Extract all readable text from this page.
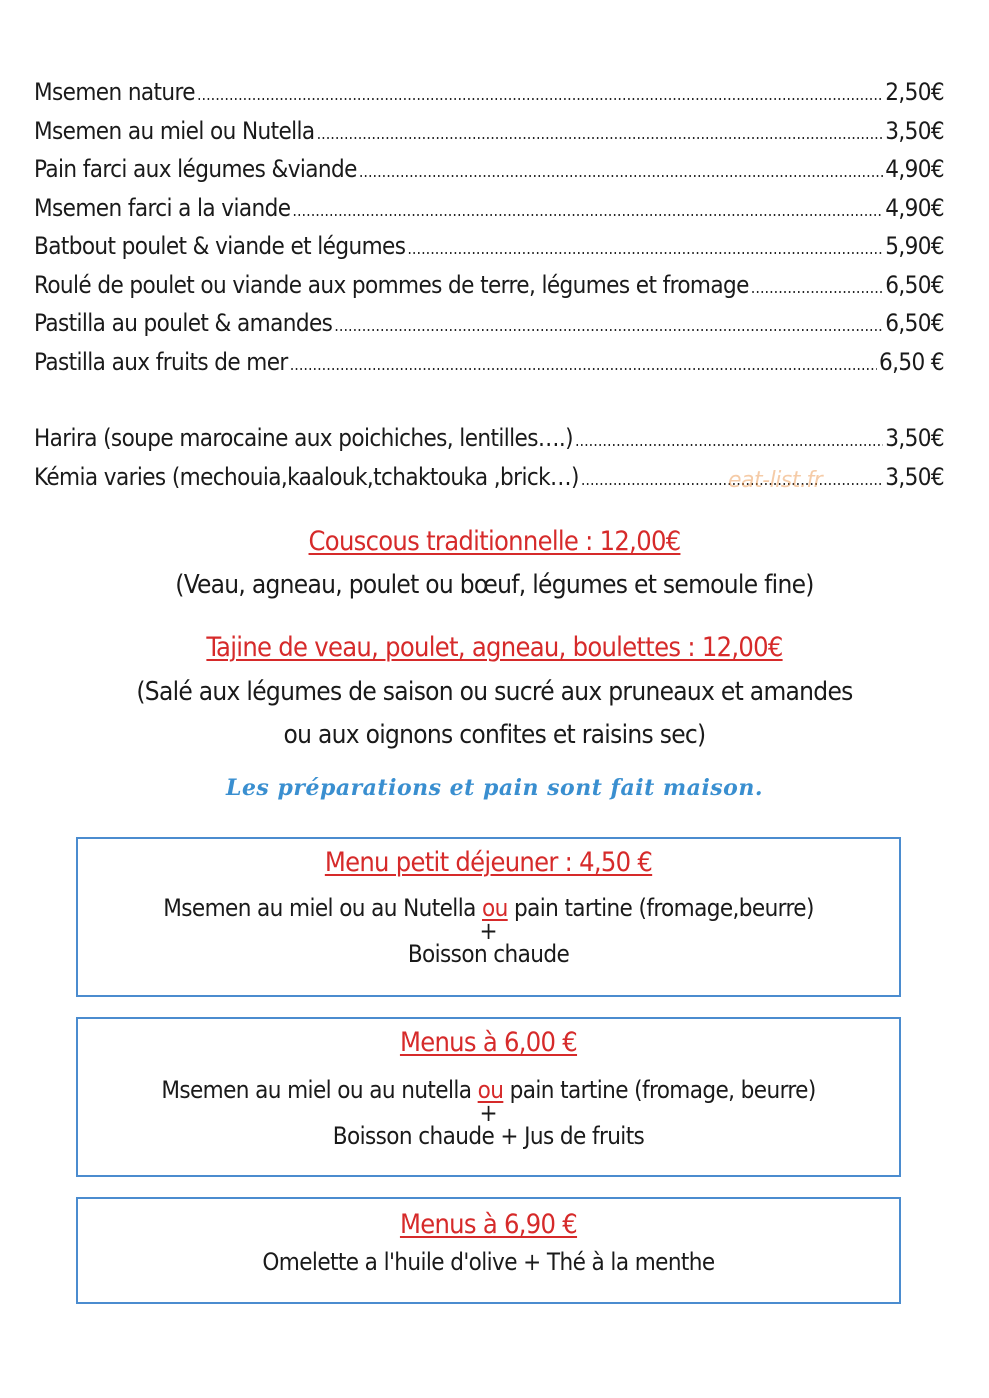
Msemen nature .....	2,50€
Msemen au miel ou Nutella .....	3,50€
Pain farci aux légumes &viande .....	4,90€
Msemen farci a la viande .....	4,90€
Batbout poulet & viande et légumes .....	5,90€
Roulé de poulet ou viande aux pommes de terre, légumes et fromage .....	6,50€
Pastilla au poulet & amandes .....	6,50€
Pastilla aux fruits de mer .....	6,50 €
Harira (soupe marocaine aux poichiches, lentilles….) .....	3,50€
Kémia varies (mechouia,kaalouk,tchaktouka ,brick…) .....	3,50€
eat-list.fr
Couscous traditionnelle : 12,00€
(Veau, agneau, poulet ou bœuf, légumes et semoule fine)
Tajine de veau, poulet, agneau, boulettes : 12,00€
(Salé aux légumes de saison ou sucré aux pruneaux et amandes
ou aux oignons confites et raisins sec)
Les préparations et pain sont fait maison.
Menu petit déjeuner : 4,50 €
Msemen au miel ou au Nutella ou pain tartine (fromage,beurre)
+
Boisson chaude
Menus à 6,00 €
Msemen au miel ou au nutella ou pain tartine (fromage, beurre)
+
Boisson chaude + Jus de fruits
Menus à 6,90 €
Omelette a l'huile d'olive + Thé à la menthe
